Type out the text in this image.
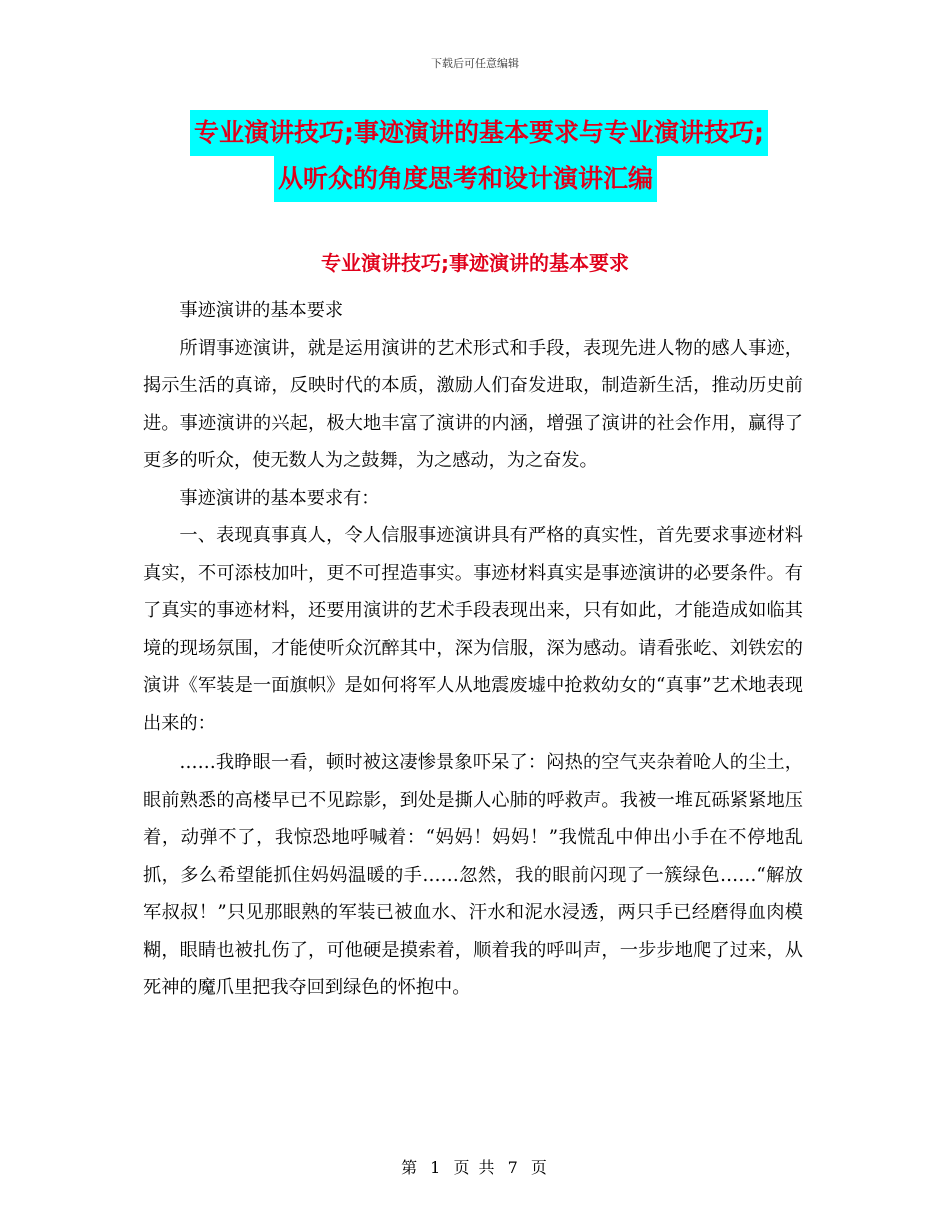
下载后可任意编辑
专业演讲技巧;事迹演讲的基本要求与专业演讲技巧;
从听众的角度思考和设计演讲汇编
专业演讲技巧;事迹演讲的基本要求

事迹演讲的基本要求

所谓事迹演讲，就是运用演讲的艺术形式和手段，表现先进人物的感人事迹，揭示生活的真谛，反映时代的本质，激励人们奋发进取，制造新生活，推动历史前进。事迹演讲的兴起，极大地丰富了演讲的内涵，增强了演讲的社会作用，赢得了更多的听众，使无数人为之鼓舞，为之感动，为之奋发。

事迹演讲的基本要求有：

一、表现真事真人，令人信服事迹演讲具有严格的真实性，首先要求事迹材料真实，不可添枝加叶，更不可捏造事实。事迹材料真实是事迹演讲的必要条件。有了真实的事迹材料，还要用演讲的艺术手段表现出来，只有如此，才能造成如临其境的现场氛围，才能使听众沉醉其中，深为信服，深为感动。请看张屹、刘铁宏的演讲《军装是一面旗帜》是如何将军人从地震废墟中抢救幼女的“真事”艺术地表现出来的：

……我睁眼一看，顿时被这凄惨景象吓呆了：闷热的空气夹杂着呛人的尘土，眼前熟悉的高楼早已不见踪影，到处是撕人心肺的呼救声。我被一堆瓦砾紧紧地压着，动弹不了，我惊恐地呼喊着：“妈妈！妈妈！”我慌乱中伸出小手在不停地乱抓，多么希望能抓住妈妈温暖的手……忽然，我的眼前闪现了一簇绿色……“解放军叔叔！”只见那眼熟的军装已被血水、汗水和泥水浸透，两只手已经磨得血肉模糊，眼睛也被扎伤了，可他硬是摸索着，顺着我的呼叫声，一步步地爬了过来，从死神的魔爪里把我夺回到绿色的怀抱中。

第 1 页 共 7 页
